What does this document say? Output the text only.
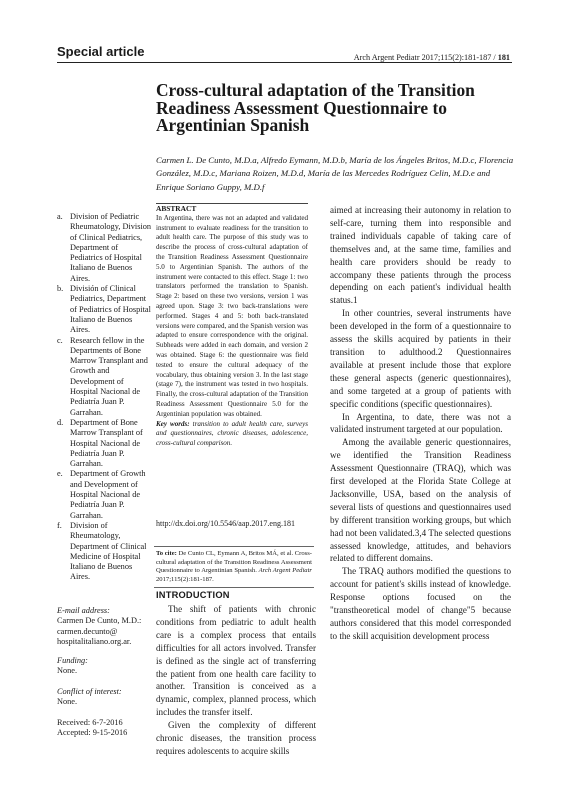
Special article	Arch Argent Pediatr 2017;115(2):181-187 / 181
Cross-cultural adaptation of the Transition Readiness Assessment Questionnaire to Argentinian Spanish
Carmen L. De Cunto, M.D.a, Alfredo Eymann, M.D.b, María de los Ángeles Britos, M.D.c, Florencia González, M.D.c, Mariana Roizen, M.D.d, María de las Mercedes Rodríguez Celin, M.D.e and Enrique Soriano Guppy, M.D.f
a. Division of Pediatric Rheumatology, Division of Clinical Pediatrics, Department of Pediatrics of Hospital Italiano de Buenos Aires.
b. División of Clinical Pediatrics, Department of Pediatrics of Hospital Italiano de Buenos Aires.
c. Research fellow in the Departments of Bone Marrow Transplant and Growth and Development of Hospital Nacional de Pediatría Juan P. Garrahan.
d. Department of Bone Marrow Transplant of Hospital Nacional de Pediatría Juan P. Garrahan.
e. Department of Growth and Development of Hospital Nacional de Pediatría Juan P. Garrahan.
f. Division of Rheumatology, Department of Clinical Medicine of Hospital Italiano de Buenos Aires.
E-mail address:
Carmen De Cunto, M.D.: carmen.decunto@ hospitalitaliano.org.ar.
Funding:
None.
Conflict of interest:
None.
Received: 6-7-2016
Accepted: 9-15-2016
ABSTRACT
In Argentina, there was not an adapted and validated instrument to evaluate readiness for the transition to adult health care. The purpose of this study was to describe the process of cross-cultural adaptation of the Transition Readiness Assessment Questionnaire 5.0 to Argentinian Spanish. The authors of the instrument were contacted to this effect. Stage 1: two translators performed the translation to Spanish. Stage 2: based on these two versions, version 1 was agreed upon. Stage 3: two back-translations were performed. Stages 4 and 5: both back-translated versions were compared, and the Spanish version was adapted to ensure correspondence with the original. Subheads were added in each domain, and version 2 was obtained. Stage 6: the questionnaire was field tested to ensure the cultural adequacy of the vocabulary, thus obtaining version 3. In the last stage (stage 7), the instrument was tested in two hospitals. Finally, the cross-cultural adaptation of the Transition Readiness Assessment Questionnaire 5.0 for the Argentinian population was obtained.
Key words: transition to adult health care, surveys and questionnaires, chronic diseases, adolescence, cross-cultural comparison.
http://dx.doi.org/10.5546/aap.2017.eng.181
To cite: De Cunto CL, Eymann A, Britos MÁ, et al. Cross-cultural adaptation of the Transition Readiness Assessment Questionnaire to Argentinian Spanish. Arch Argent Pediatr 2017;115(2):181-187.
INTRODUCTION

The shift of patients with chronic conditions from pediatric to adult health care is a complex process that entails difficulties for all actors involved. Transfer is defined as the single act of transferring the patient from one health care facility to another. Transition is conceived as a dynamic, complex, planned process, which includes the transfer itself.

Given the complexity of different chronic diseases, the transition process requires adolescents to acquire skills

aimed at increasing their autonomy in relation to self-care, turning them into responsible and trained individuals capable of taking care of themselves and, at the same time, families and health care providers should be ready to accompany these patients through the process depending on each patient's individual health status.1

In other countries, several instruments have been developed in the form of a questionnaire to assess the skills acquired by patients in their transition to adulthood.2 Questionnaires available at present include those that explore these general aspects (generic questionnaires), and some targeted at a group of patients with specific conditions (specific questionnaires).

In Argentina, to date, there was not a validated instrument targeted at our population.

Among the available generic questionnaires, we identified the Transition Readiness Assessment Questionnaire (TRAQ), which was first developed at the Florida State College at Jacksonville, USA, based on the analysis of several lists of questions and questionnaires used by different transition working groups, but which had not been validated.3,4 The selected questions assessed knowledge, attitudes, and behaviors related to different domains.

The TRAQ authors modified the questions to account for patient's skills instead of knowledge. Response options focused on the "transtheoretical model of change"5 because authors considered that this model corresponded to the skill acquisition development process
